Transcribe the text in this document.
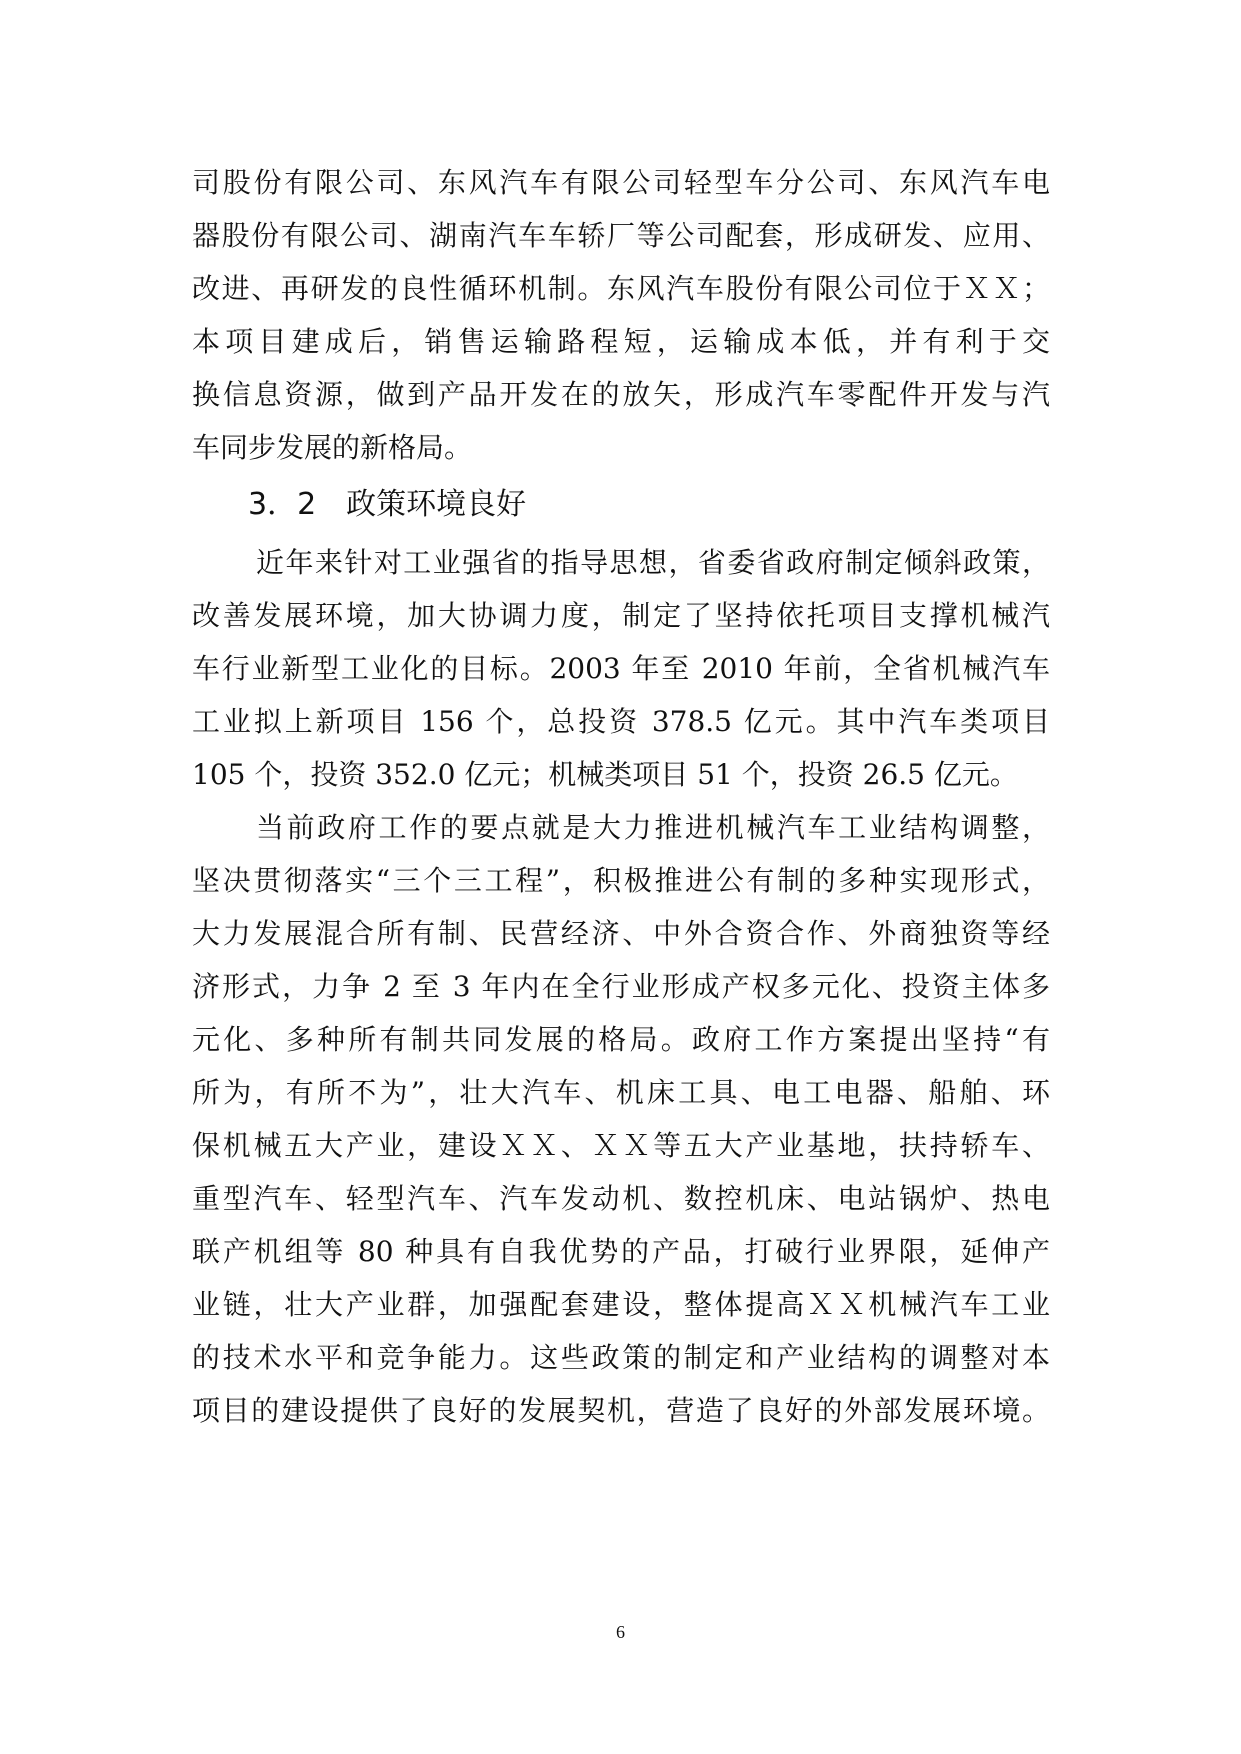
司股份有限公司、东风汽车有限公司轻型车分公司、东风汽车电
器股份有限公司、湖南汽车车轿厂等公司配套，形成研发、应用、
改进、再研发的良性循环机制。东风汽车股份有限公司位于ＸＸ；
本项目建成后，销售运输路程短，运输成本低，并有利于交
换信息资源，做到产品开发在的放矢，形成汽车零配件开发与汽
车同步发展的新格局。
3．2　政策环境良好
近年来针对工业强省的指导思想，省委省政府制定倾斜政策，
改善发展环境，加大协调力度，制定了坚持依托项目支撑机械汽
车行业新型工业化的目标。2003 年至 2010 年前，全省机械汽车
工业拟上新项目 156 个，总投资 378.5 亿元。其中汽车类项目
105 个，投资 352.0 亿元；机械类项目 51 个，投资 26.5 亿元。
当前政府工作的要点就是大力推进机械汽车工业结构调整，
坚决贯彻落实“三个三工程”，积极推进公有制的多种实现形式，
大力发展混合所有制、民营经济、中外合资合作、外商独资等经
济形式，力争 2 至 3 年内在全行业形成产权多元化、投资主体多
元化、多种所有制共同发展的格局。政府工作方案提出坚持“有
所为，有所不为”，壮大汽车、机床工具、电工电器、船舶、环
保机械五大产业，建设ＸＸ、ＸＸ等五大产业基地，扶持轿车、
重型汽车、轻型汽车、汽车发动机、数控机床、电站锅炉、热电
联产机组等 80 种具有自我优势的产品，打破行业界限，延伸产
业链，壮大产业群，加强配套建设，整体提高ＸＸ机械汽车工业
的技术水平和竞争能力。这些政策的制定和产业结构的调整对本
项目的建设提供了良好的发展契机，营造了良好的外部发展环境。
6
